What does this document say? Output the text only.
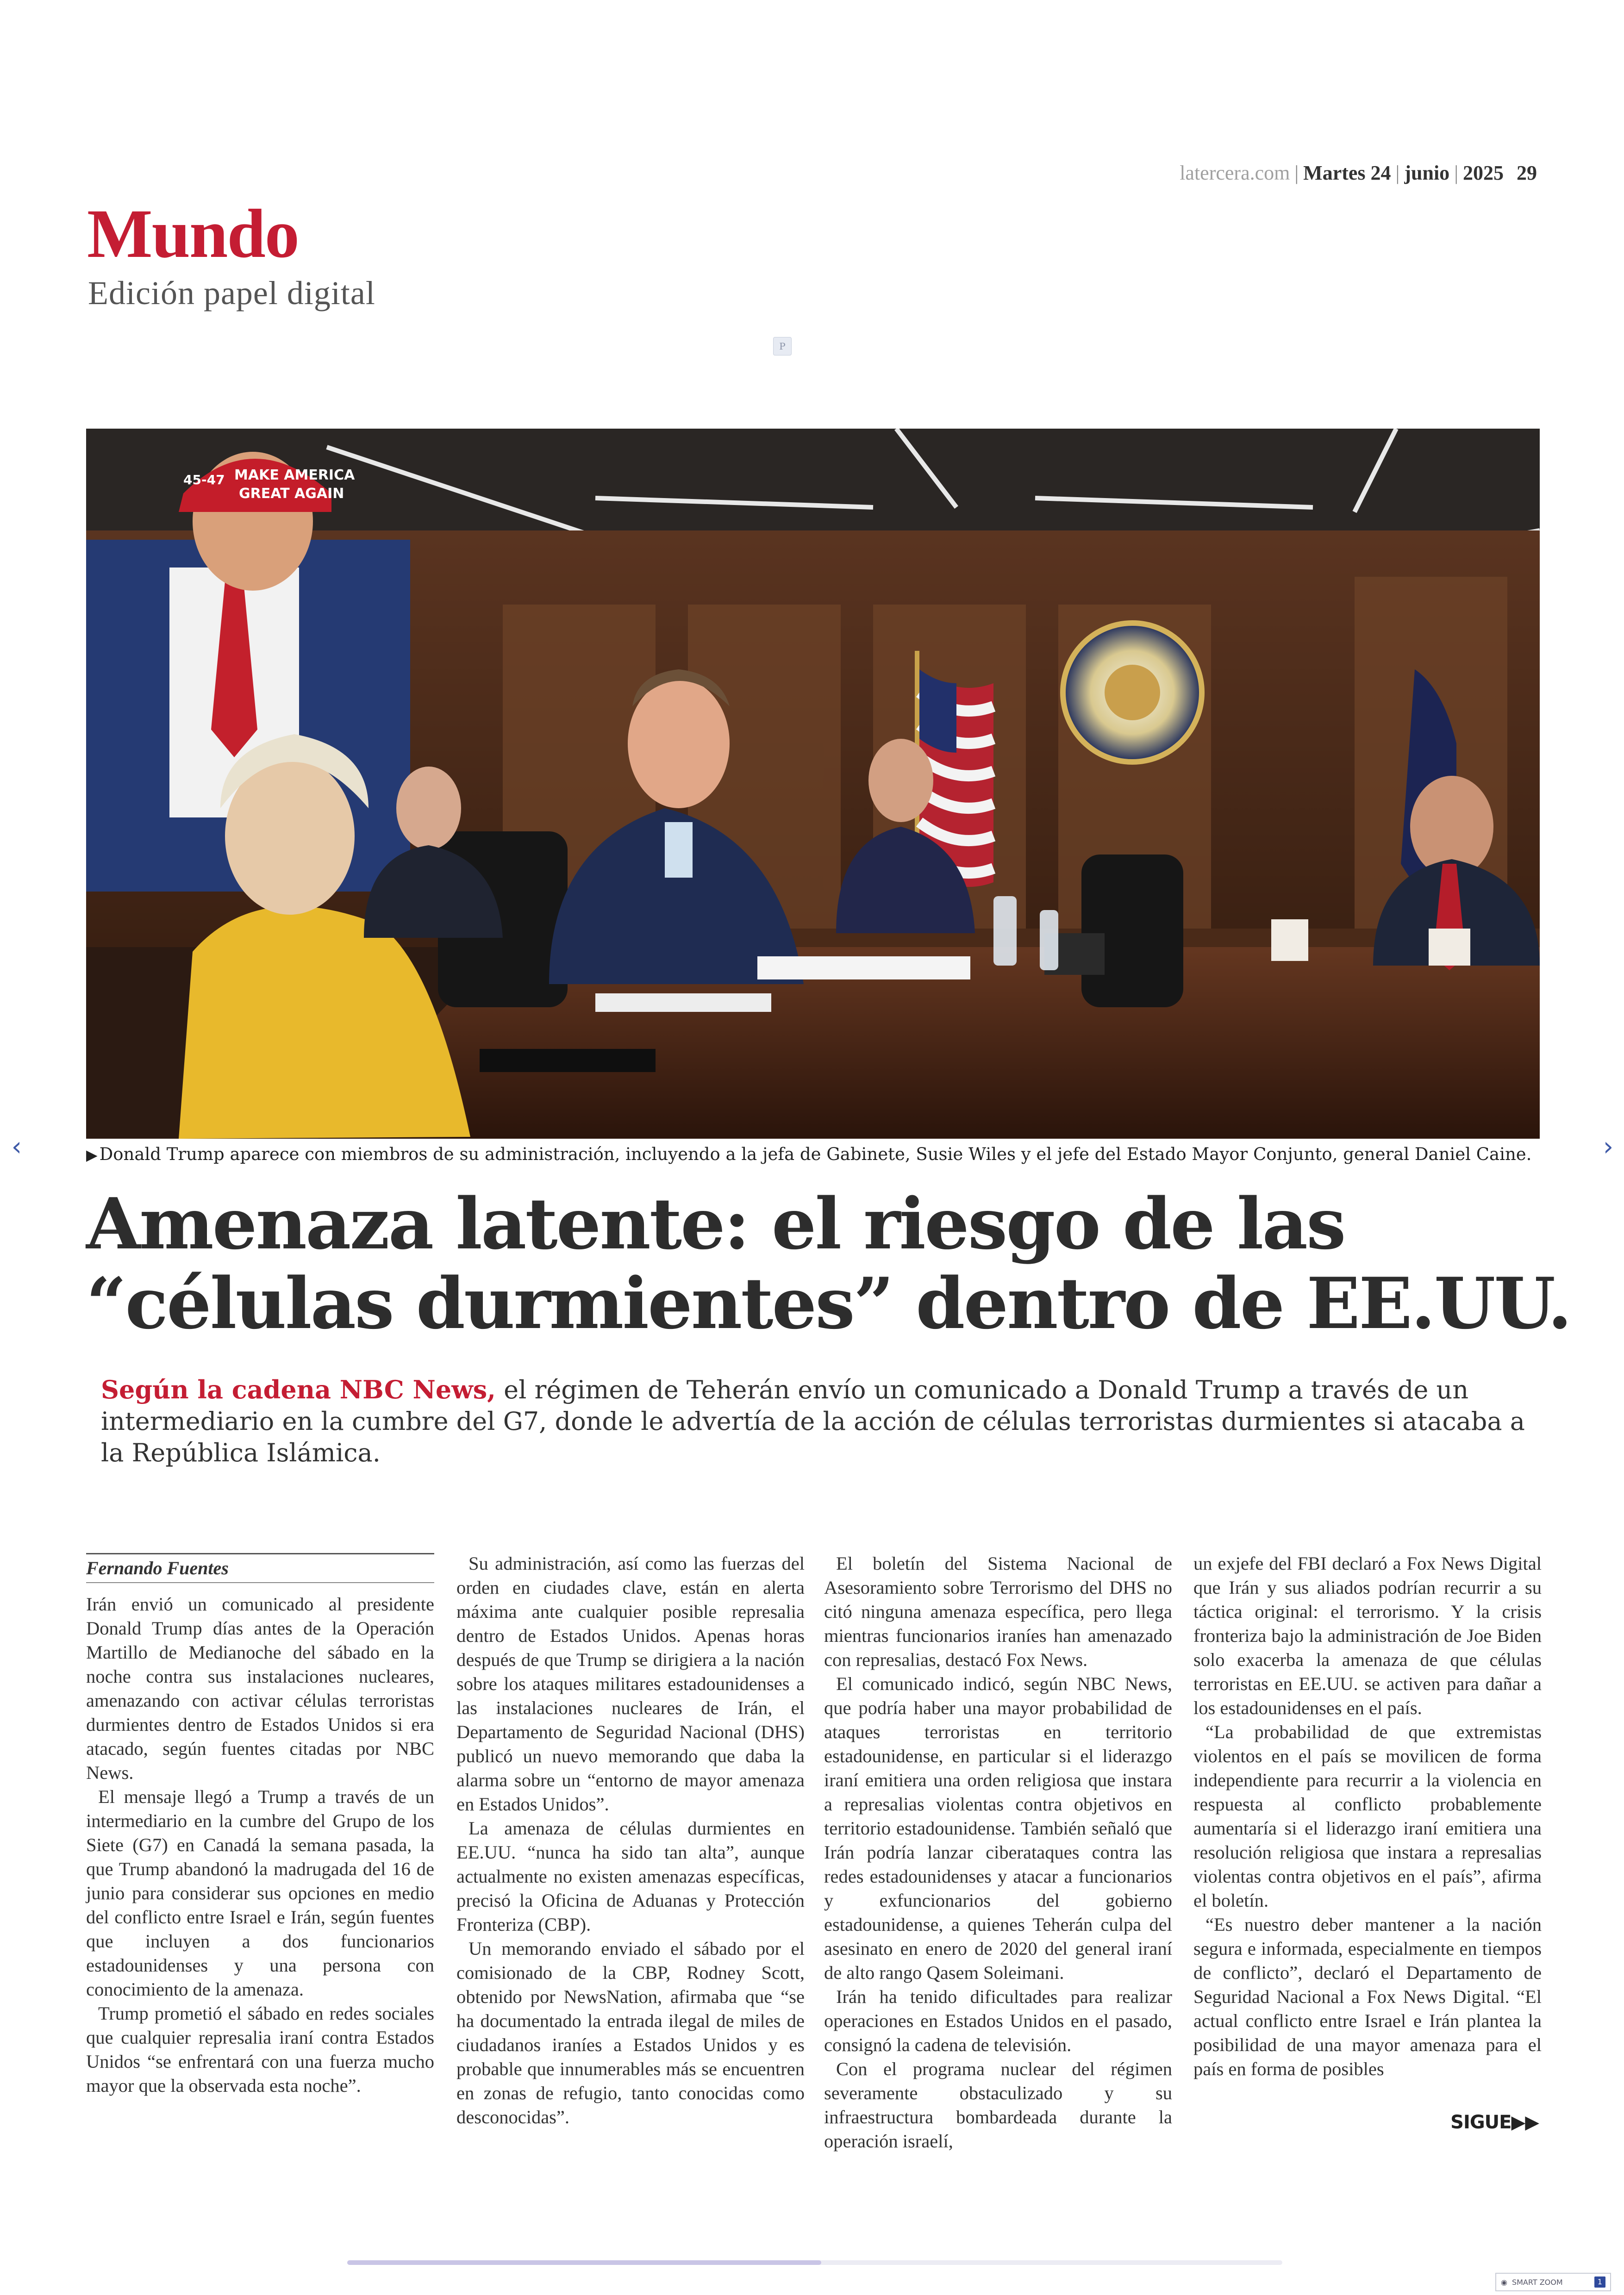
latercera.com | Martes 24 | junio | 2025 29
Mundo
Edición papel digital
P
MAKE AMERICA
GREAT AGAIN
45-47
▶ Donald Trump aparece con miembros de su administración, incluyendo a la jefa de Gabinete, Susie Wiles y el jefe del Estado Mayor Conjunto, general Daniel Caine.
‹	›
Amenaza latente: el riesgo de las
“células durmientes” dentro de EE.UU.
Según la cadena NBC News, el régimen de Teherán envío un comunicado a Donald Trump a través de un intermediario en la cumbre del G7, donde le advertía de la acción de células terroristas durmientes si atacaba a la República Islámica.
Fernando Fuentes

Irán envió un comunicado al presidente Donald Trump días antes de la Operación Martillo de Medianoche del sábado en la noche contra sus instalaciones nucleares, amenazando con activar células terroristas durmientes dentro de Estados Unidos si era atacado, según fuentes citadas por NBC News.

El mensaje llegó a Trump a través de un intermediario en la cumbre del Grupo de los Siete (G7) en Canadá la semana pasada, la que Trump abandonó la madrugada del 16 de junio para considerar sus opciones en medio del conflicto entre Israel e Irán, según fuentes que incluyen a dos funcionarios estadounidenses y una persona con conocimiento de la amenaza.

Trump prometió el sábado en redes sociales que cualquier represalia iraní contra Estados Unidos “se enfrentará con una fuerza mucho mayor que la observada esta noche”.

Su administración, así como las fuerzas del orden en ciudades clave, están en alerta máxima ante cualquier posible represalia dentro de Estados Unidos. Apenas horas después de que Trump se dirigiera a la nación sobre los ataques militares estadounidenses a las instalaciones nucleares de Irán, el Departamento de Seguridad Nacional (DHS) publicó un nuevo memorando que daba la alarma sobre un “entorno de mayor amenaza en Estados Unidos”.

La amenaza de células durmientes en EE.UU. “nunca ha sido tan alta”, aunque actualmente no existen amenazas específicas, precisó la Oficina de Aduanas y Protección Fronteriza (CBP).

Un memorando enviado el sábado por el comisionado de la CBP, Rodney Scott, obtenido por NewsNation, afirmaba que “se ha documentado la entrada ilegal de miles de ciudadanos iraníes a Estados Unidos y es probable que innumerables más se encuentren en zonas de refugio, tanto conocidas como desconocidas”.

El boletín del Sistema Nacional de Asesoramiento sobre Terrorismo del DHS no citó ninguna amenaza específica, pero llega mientras funcionarios iraníes han amenazado con represalias, destacó Fox News.

El comunicado indicó, según NBC News, que podría haber una mayor probabilidad de ataques terroristas en territorio estadounidense, en particular si el liderazgo iraní emitiera una orden religiosa que instara a represalias violentas contra objetivos en territorio estadounidense. También señaló que Irán podría lanzar ciberataques contra las redes estadounidenses y atacar a funcionarios y exfuncionarios del gobierno estadounidense, a quienes Teherán culpa del asesinato en enero de 2020 del general iraní de alto rango Qasem Soleimani.

Irán ha tenido dificultades para realizar operaciones en Estados Unidos en el pasado, consignó la cadena de televisión.

Con el programa nuclear del régimen severamente obstaculizado y su infraestructura bombardeada durante la operación israelí,

un exjefe del FBI declaró a Fox News Digital que Irán y sus aliados podrían recurrir a su táctica original: el terrorismo. Y la crisis fronteriza bajo la administración de Joe Biden solo exacerba la amenaza de que células terroristas en EE.UU. se activen para dañar a los estadounidenses en el país.

“La probabilidad de que extremistas violentos en el país se movilicen de forma independiente para recurrir a la violencia en respuesta al conflicto probablemente aumentaría si el liderazgo iraní emitiera una resolución religiosa que instara a represalias violentas contra objetivos en el país”, afirma el boletín.

“Es nuestro deber mantener a la nación segura e informada, especialmente en tiempos de conflicto”, declaró el Departamento de Seguridad Nacional a Fox News Digital. “El actual conflicto entre Israel e Irán plantea la posibilidad de una mayor amenaza para el país en forma de posibles

SIGUE▶▶
◉ SMART ZOOM	1
